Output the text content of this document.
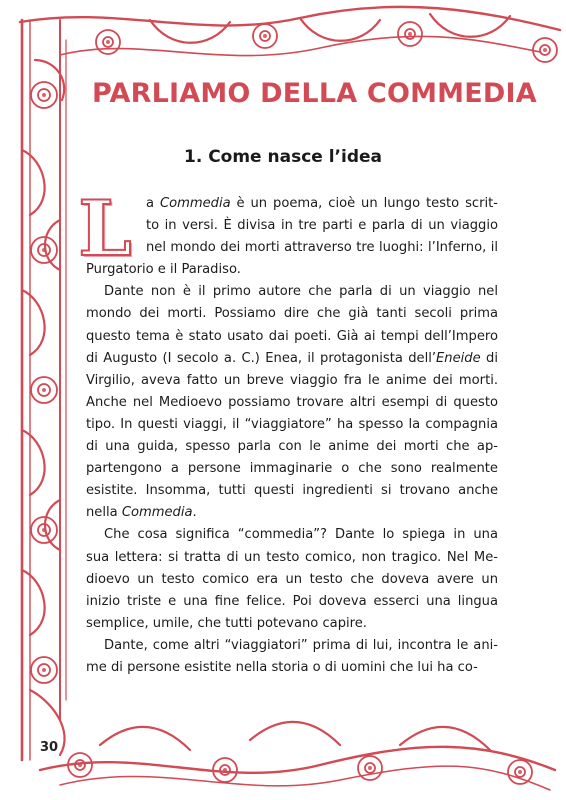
PARLIAMO DELLA COMMEDIA
1. Come nasce l’idea
L	a Commedia è un poema, cioè un lungo testo scrit-
to in versi. È divisa in tre parti e parla di un viaggio
nel mondo dei morti attraverso tre luoghi: l’Inferno, il
Purgatorio e il Paradiso.

Dante non è il primo autore che parla di un viaggio nel
mondo dei morti. Possiamo dire che già tanti secoli prima
questo tema è stato usato dai poeti. Già ai tempi dell’Impero
di Augusto (I secolo a. C.) Enea, il protagonista dell’Eneide di
Virgilio, aveva fatto un breve viaggio fra le anime dei morti.
Anche nel Medioevo possiamo trovare altri esempi di questo
tipo. In questi viaggi, il “viaggiatore” ha spesso la compagnia
di una guida, spesso parla con le anime dei morti che ap-
partengono a persone immaginarie o che sono realmente
esistite. Insomma, tutti questi ingredienti si trovano anche
nella Commedia.

Che cosa significa “commedia”? Dante lo spiega in una
sua lettera: si tratta di un testo comico, non tragico. Nel Me-
dioevo un testo comico era un testo che doveva avere un
inizio triste e una fine felice. Poi doveva esserci una lingua
semplice, umile, che tutti potevano capire.

Dante, come altri “viaggiatori” prima di lui, incontra le ani-
me di persone esistite nella storia o di uomini che lui ha co-

30
